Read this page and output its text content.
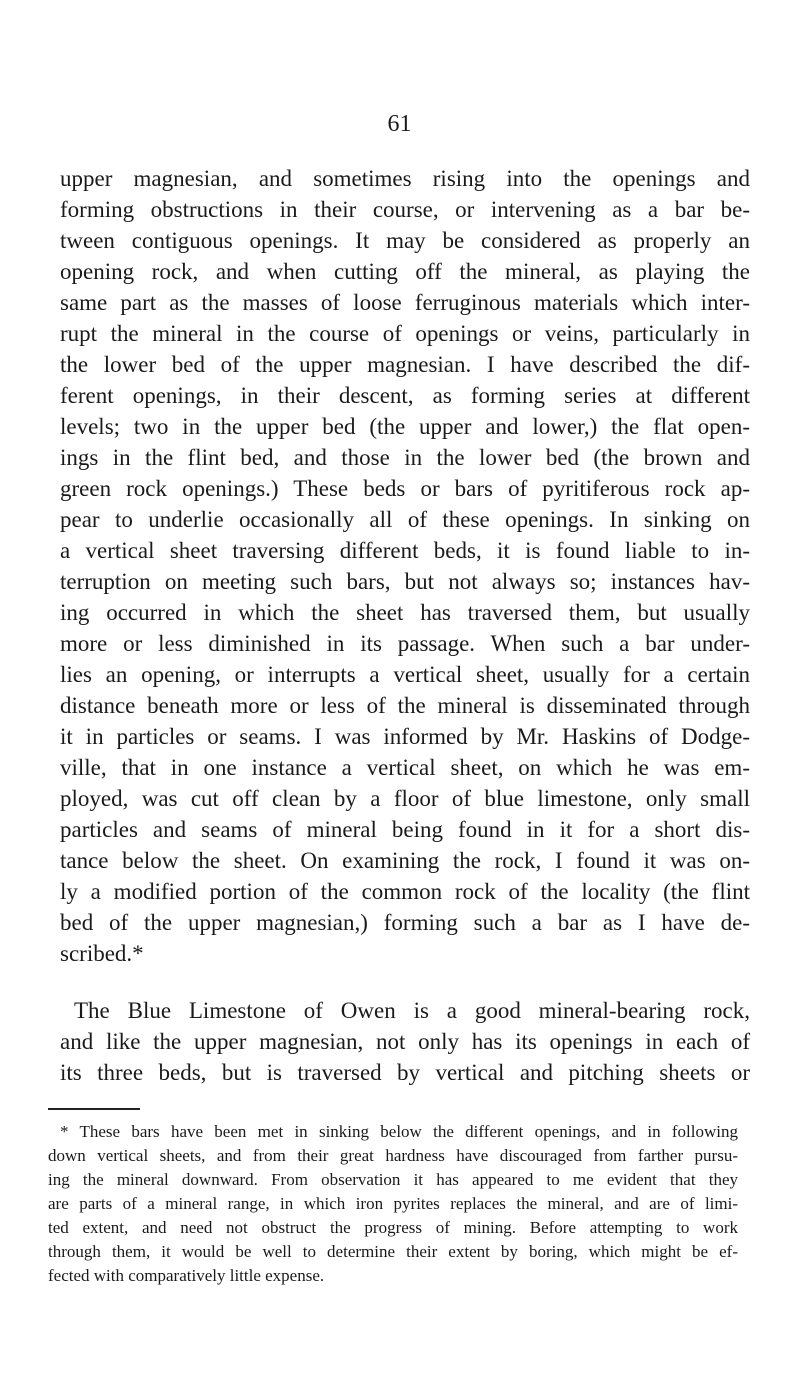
61
upper magnesian, and sometimes rising into the openings and
forming obstructions in their course, or intervening as a bar be-
tween contiguous openings. It may be considered as properly an
opening rock, and when cutting off the mineral, as playing the
same part as the masses of loose ferruginous materials which inter-
rupt the mineral in the course of openings or veins, particularly in
the lower bed of the upper magnesian. I have described the dif-
ferent openings, in their descent, as forming series at different
levels; two in the upper bed (the upper and lower,) the flat open-
ings in the flint bed, and those in the lower bed (the brown and
green rock openings.) These beds or bars of pyritiferous rock ap-
pear to underlie occasionally all of these openings. In sinking on
a vertical sheet traversing different beds, it is found liable to in-
terruption on meeting such bars, but not always so; instances hav-
ing occurred in which the sheet has traversed them, but usually
more or less diminished in its passage. When such a bar under-
lies an opening, or interrupts a vertical sheet, usually for a certain
distance beneath more or less of the mineral is disseminated through
it in particles or seams. I was informed by Mr. Haskins of Dodge-
ville, that in one instance a vertical sheet, on which he was em-
ployed, was cut off clean by a floor of blue limestone, only small
particles and seams of mineral being found in it for a short dis-
tance below the sheet. On examining the rock, I found it was on-
ly a modified portion of the common rock of the locality (the flint
bed of the upper magnesian,) forming such a bar as I have de-
scribed.*
The Blue Limestone of Owen is a good mineral-bearing rock,
and like the upper magnesian, not only has its openings in each of
its three beds, but is traversed by vertical and pitching sheets or
* These bars have been met in sinking below the different openings, and in following
down vertical sheets, and from their great hardness have discouraged from farther pursu-
ing the mineral downward. From observation it has appeared to me evident that they
are parts of a mineral range, in which iron pyrites replaces the mineral, and are of limi-
ted extent, and need not obstruct the progress of mining. Before attempting to work
through them, it would be well to determine their extent by boring, which might be ef-
fected with comparatively little expense.
